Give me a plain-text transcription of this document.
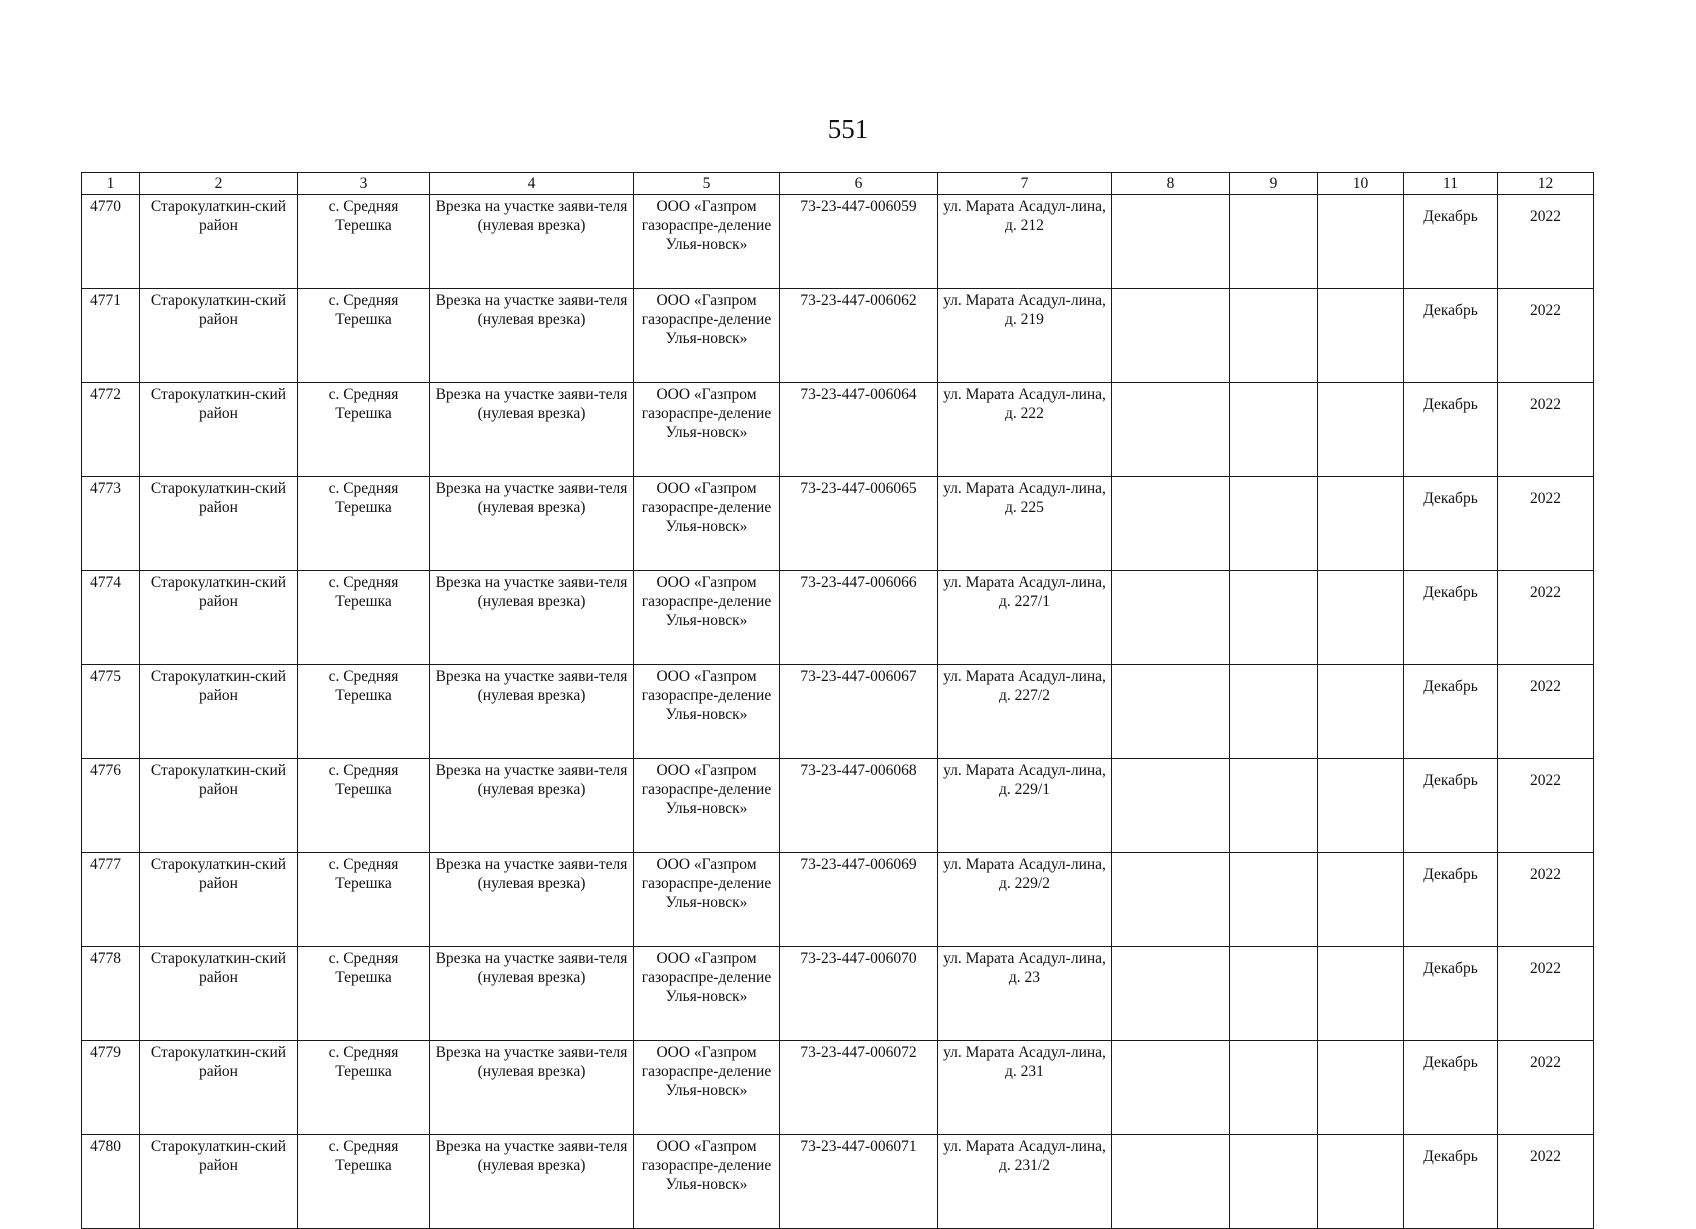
551
1	2	3	4	5	6	7	8	9	10	11	12
4770	Старокулаткин-ский район	с. Средняя Терешка	Врезка на участке заяви-теля (нулевая врезка)	ООО «Газпром газораспре-деление Улья-новск»	73-23-447-006059	ул. Марата Асадул-лина, д. 212				Декабрь	2022
4771	Старокулаткин-ский район	с. Средняя Терешка	Врезка на участке заяви-теля (нулевая врезка)	ООО «Газпром газораспре-деление Улья-новск»	73-23-447-006062	ул. Марата Асадул-лина, д. 219				Декабрь	2022
4772	Старокулаткин-ский район	с. Средняя Терешка	Врезка на участке заяви-теля (нулевая врезка)	ООО «Газпром газораспре-деление Улья-новск»	73-23-447-006064	ул. Марата Асадул-лина, д. 222				Декабрь	2022
4773	Старокулаткин-ский район	с. Средняя Терешка	Врезка на участке заяви-теля (нулевая врезка)	ООО «Газпром газораспре-деление Улья-новск»	73-23-447-006065	ул. Марата Асадул-лина, д. 225				Декабрь	2022
4774	Старокулаткин-ский район	с. Средняя Терешка	Врезка на участке заяви-теля (нулевая врезка)	ООО «Газпром газораспре-деление Улья-новск»	73-23-447-006066	ул. Марата Асадул-лина, д. 227/1				Декабрь	2022
4775	Старокулаткин-ский район	с. Средняя Терешка	Врезка на участке заяви-теля (нулевая врезка)	ООО «Газпром газораспре-деление Улья-новск»	73-23-447-006067	ул. Марата Асадул-лина, д. 227/2				Декабрь	2022
4776	Старокулаткин-ский район	с. Средняя Терешка	Врезка на участке заяви-теля (нулевая врезка)	ООО «Газпром газораспре-деление Улья-новск»	73-23-447-006068	ул. Марата Асадул-лина, д. 229/1				Декабрь	2022
4777	Старокулаткин-ский район	с. Средняя Терешка	Врезка на участке заяви-теля (нулевая врезка)	ООО «Газпром газораспре-деление Улья-новск»	73-23-447-006069	ул. Марата Асадул-лина, д. 229/2				Декабрь	2022
4778	Старокулаткин-ский район	с. Средняя Терешка	Врезка на участке заяви-теля (нулевая врезка)	ООО «Газпром газораспре-деление Улья-новск»	73-23-447-006070	ул. Марата Асадул-лина, д. 23				Декабрь	2022
4779	Старокулаткин-ский район	с. Средняя Терешка	Врезка на участке заяви-теля (нулевая врезка)	ООО «Газпром газораспре-деление Улья-новск»	73-23-447-006072	ул. Марата Асадул-лина, д. 231				Декабрь	2022
4780	Старокулаткин-ский район	с. Средняя Терешка	Врезка на участке заяви-теля (нулевая врезка)	ООО «Газпром газораспре-деление Улья-новск»	73-23-447-006071	ул. Марата Асадул-лина, д. 231/2				Декабрь	2022
